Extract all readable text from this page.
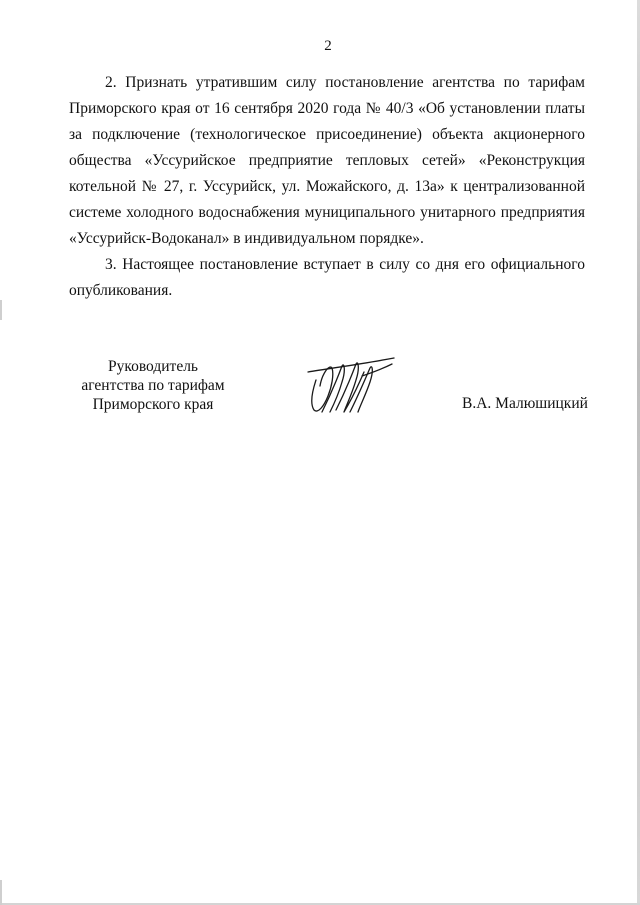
2

2. Признать утратившим силу постановление агентства по тарифам Приморского края от 16 сентября 2020 года № 40/3 «Об установлении платы за подключение (технологическое присоединение) объекта акционерного общества «Уссурийское предприятие тепловых сетей» «Реконструкция котельной № 27, г. Уссурийск, ул. Можайского, д. 13а» к централизованной системе холодного водоснабжения муниципального унитарного предприятия «Уссурийск-Водоканал» в индивидуальном порядке».

3. Настоящее постановление вступает в силу со дня его официального опубликования.

Руководитель
агентства по тарифам
Приморского края	В.А. Малюшицкий
